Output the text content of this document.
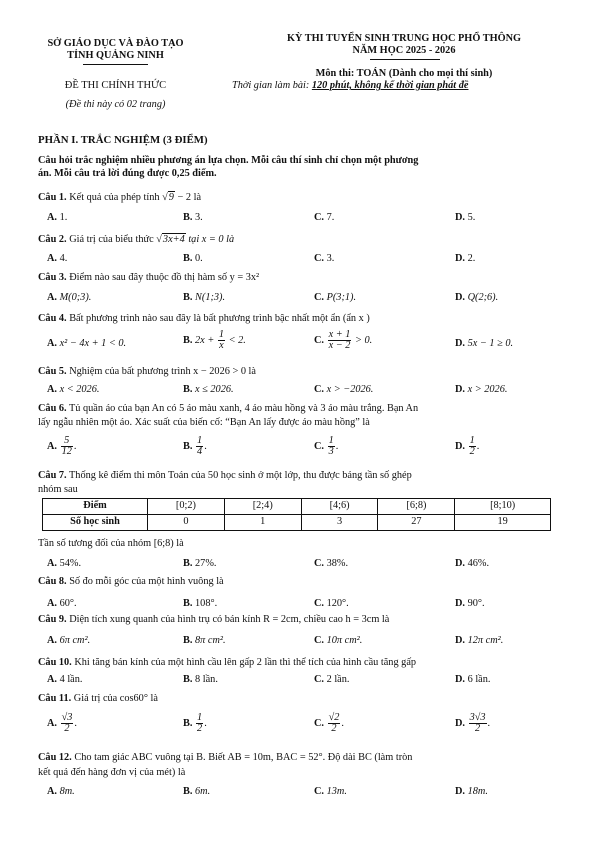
SỞ GIÁO DỤC VÀ ĐÀO TẠO
TỈNH QUẢNG NINH
ĐỀ THI CHÍNH THỨC
(Đề thi này có 02 trang)
KỲ THI TUYỂN SINH TRUNG HỌC PHỔ THÔNG
NĂM HỌC 2025 - 2026
Môn thi: TOÁN (Dành cho mọi thí sinh)
Thời gian làm bài: 120 phút, không kể thời gian phát đề
PHẦN I. TRẮC NGHIỆM (3 ĐIỂM)
Câu hỏi trắc nghiệm nhiều phương án lựa chọn. Mỗi câu thí sinh chỉ chọn một phương
án. Mỗi câu trả lời đúng được 0,25 điểm.
Câu 1. Kết quả của phép tính √9 − 2 là
A. 1.	B. 3.	C. 7.	D. 5.
Câu 2. Giá trị của biểu thức √3x+4 tại x = 0 là
A. 4.	B. 0.	C. 3.	D. 2.
Câu 3. Điểm nào sau đây thuộc đồ thị hàm số y = 3x²
A. M(0;3).	B. N(1;3).	C. P(3;1).	D. Q(2;6).
Câu 4. Bất phương trình nào sau đây là bất phương trình bậc nhất một ẩn (ẩn x )
A. x² − 4x + 1 < 0.	B. $2x + \frac{1}{x} < 2$.	C. $\frac{x + 1}{x - 2} > 0$.	D. 5x − 1 ≥ 0.
Câu 5. Nghiệm của bất phương trình x − 2026 > 0 là
A. x < 2026.	B. x ≤ 2026.	C. x > −2026.	D. x > 2026.
Câu 6. Tủ quần áo của bạn An có 5 áo màu xanh, 4 áo màu hồng và 3 áo màu trắng. Bạn An
lấy ngẫu nhiên một áo. Xác suất của biến cố: “Bạn An lấy được áo màu hồng” là
A. $\frac{5}{12}$ .	B. $\frac{1}{4}$ .	C. $\frac{1}{3}$ .	D. $\frac{1}{2}$ .
Câu 7. Thống kê điểm thi môn Toán của 50 học sinh ở một lớp, thu được bảng tần số ghép
nhóm sau
Điểm	[0;2)	[2;4)	[4;6)	[6;8)	[8;10)
Số học sinh	0	1	3	27	19
Tần số tương đối của nhóm [6;8) là
A. 54%.	B. 27%.	C. 38%.	D. 46%.
Câu 8. Số đo mỗi góc của một hình vuông là
A. 60°.	B. 108°.	C. 120°.	D. 90°.
Câu 9. Diện tích xung quanh của hình trụ có bán kính R = 2cm, chiều cao h = 3cm là
A. 6π cm².	B. 8π cm².	C. 10π cm².	D. 12π cm².
Câu 10. Khi tăng bán kính của một hình cầu lên gấp 2 lần thì thể tích của hình cầu tăng gấp
A. 4 lần.	B. 8 lần.	C. 2 lần.	D. 6 lần.
Câu 11. Giá trị của cos60° là
A. $\frac{√3}{2}$ .	B. $\frac{1}{2}$ .	C. $\frac{√2}{2}$ .	D. $\frac{3√3}{2}$ .
Câu 12. Cho tam giác ABC vuông tại B. Biết AB = 10m, BAC = 52°. Độ dài BC (làm tròn
kết quả đến hàng đơn vị của mét) là
A. 8m.	B. 6m.	C. 13m.	D. 18m.
